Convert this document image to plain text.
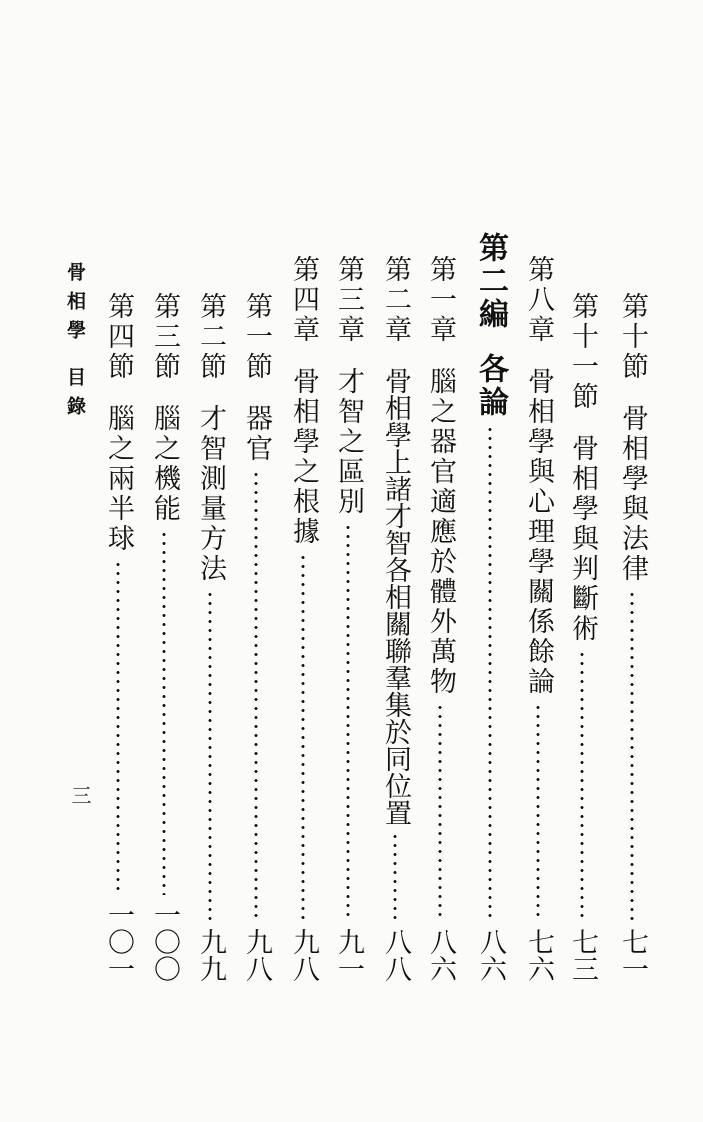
骨相學目錄
三
第十節
骨相學與法律
七一
第十一節
骨相學與判斷術
七三
第八章
骨相學與心理學關係餘論
七六
第二編
各論
八六
第一章
腦之器官適應於體外萬物
八六
第二章
骨相學上諸才智各相關聯羣集於同位置
八八
第三章
才智之區別
九一
第四章
骨相學之根據
九八
第一節
器官
九八
第二節
才智測量方法
九九
第三節
腦之機能
一〇〇
第四節
腦之兩半球
一〇一
